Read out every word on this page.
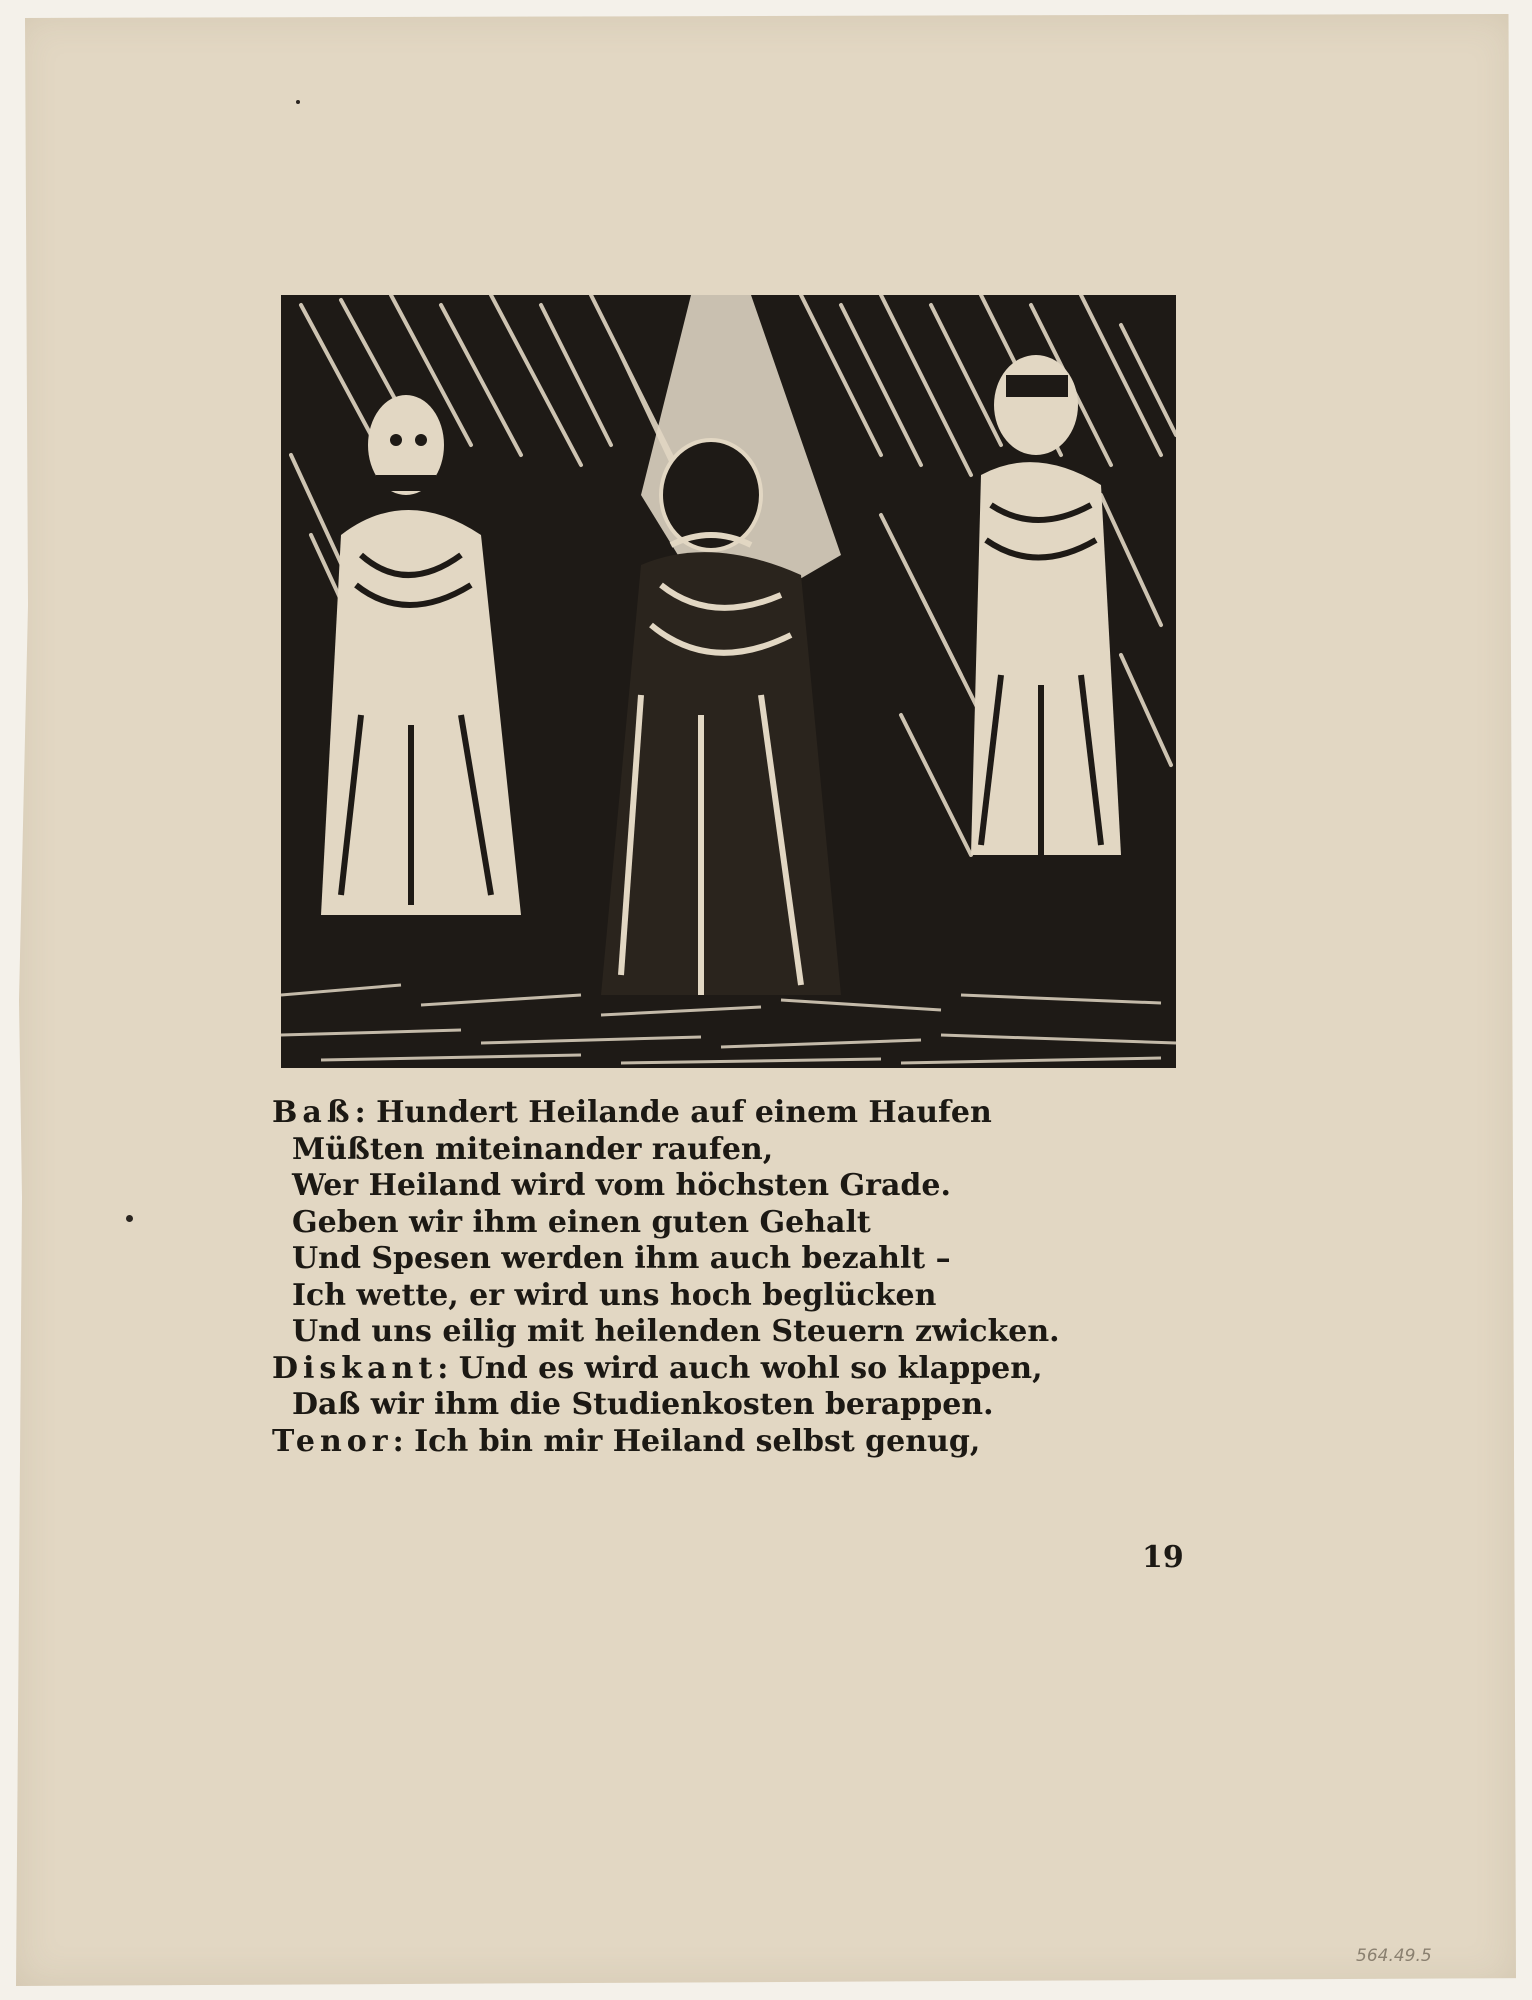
Baß: Hundert Heilande auf einem Haufen
Müßten miteinander raufen,
Wer Heiland wird vom höchsten Grade.
Geben wir ihm einen guten Gehalt
Und Spesen werden ihm auch bezahlt –
Ich wette, er wird uns hoch beglücken
Und uns eilig mit heilenden Steuern zwicken.
Diskant: Und es wird auch wohl so klappen,
Daß wir ihm die Studienkosten berappen.
Tenor: Ich bin mir Heiland selbst genug,
19
564.49.5
